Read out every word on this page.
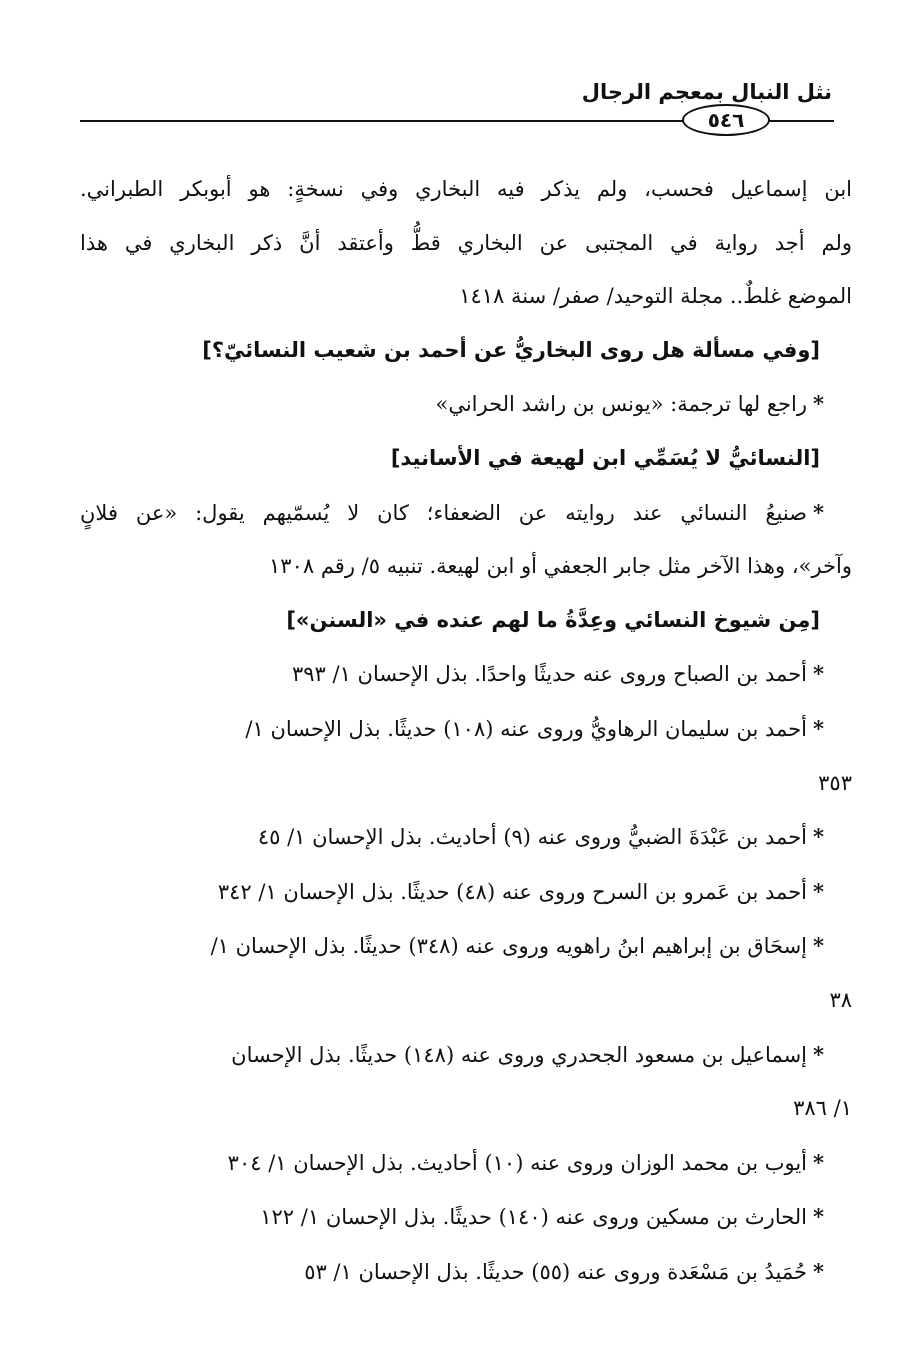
نثل النبال بمعجم الرجال
٥٤٦
ابن إسماعيل فحسب، ولم يذكر فيه البخاري وفي نسخةٍ: هو أبوبكر الطبراني.
ولم أجد رواية في المجتبى عن البخاري قطُّ وأعتقد أنَّ ذكر البخاري في هذا
الموضع غلطٌ.. مجلة التوحيد/ صفر/ سنة ١٤١٨
[وفي مسألة هل روى البخاريُّ عن أحمد بن شعيب النسائيّ؟]
*راجع لها ترجمة: «يونس بن راشد الحراني»
[النسائيُّ لا يُسَمِّي ابن لهيعة في الأسانيد]
*صنيعُ النسائي عند روايته عن الضعفاء؛ كان لا يُسمّيهم يقول: «عن فلانٍ
وآخر»، وهذا الآخر مثل جابر الجعفي أو ابن لهيعة. تنبيه ٥/ رقم ١٣٠٨
[مِن شيوخ النسائي وعِدَّةُ ما لهم عنده في «السنن»]
*أحمد بن الصباح وروى عنه حديثًا واحدًا. بذل الإحسان ١/ ٣٩٣
*أحمد بن سليمان الرهاويُّ وروى عنه (١٠٨) حديثًا. بذل الإحسان ١/
٣٥٣
*أحمد بن عَبْدَةَ الضبيُّ وروى عنه (٩) أحاديث. بذل الإحسان ١/ ٤٥
*أحمد بن عَمرو بن السرح وروى عنه (٤٨) حديثًا. بذل الإحسان ١/ ٣٤٢
*إسحَاق بن إبراهيم ابنُ راهويه وروى عنه (٣٤٨) حديثًا. بذل الإحسان ١/
٣٨
*إسماعيل بن مسعود الجحدري وروى عنه (١٤٨) حديثًا. بذل الإحسان
١/ ٣٨٦
*أيوب بن محمد الوزان وروى عنه (١٠) أحاديث. بذل الإحسان ١/ ٣٠٤
*الحارث بن مسكين وروى عنه (١٤٠) حديثًا. بذل الإحسان ١/ ١٢٢
*حُمَيدُ بن مَسْعَدة وروى عنه (٥٥) حديثًا. بذل الإحسان ١/ ٥٣
